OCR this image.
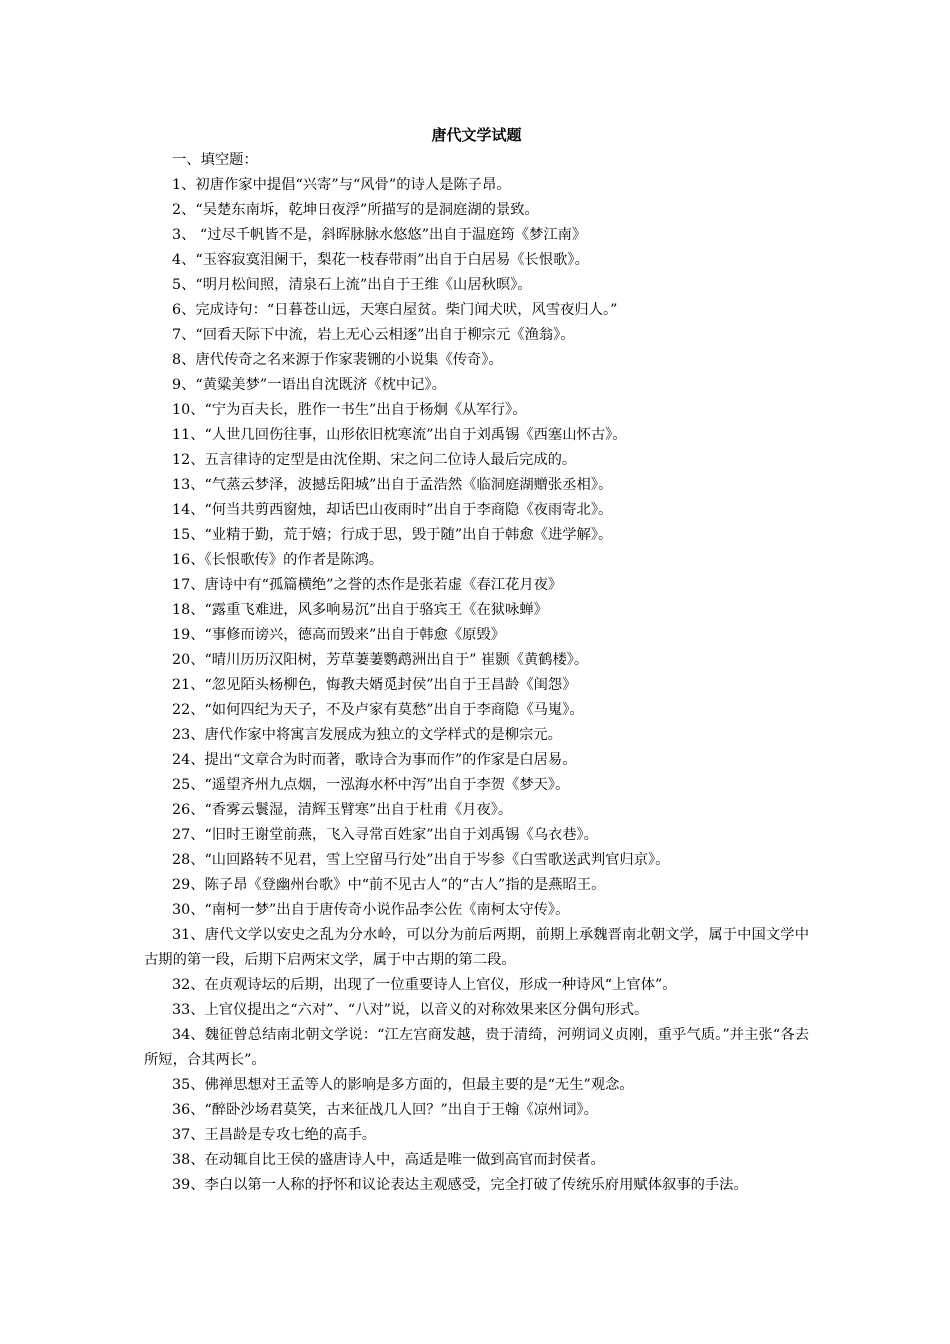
唐代文学试题
一、填空题：

1、初唐作家中提倡“兴寄”与“风骨”的诗人是陈子昂。

2、“吴楚东南坼，乾坤日夜浮”所描写的是洞庭湖的景致。

3、 “过尽千帆皆不是，斜晖脉脉水悠悠”出自于温庭筠《梦江南》

4、“玉容寂寞泪阑干，梨花一枝春带雨”出自于白居易《长恨歌》。

5、“明月松间照，清泉石上流”出自于王维《山居秋暝》。

6、完成诗句：“日暮苍山远，天寒白屋贫。柴门闻犬吠，风雪夜归人。”

7、“回看天际下中流，岩上无心云相逐”出自于柳宗元《渔翁》。

8、唐代传奇之名来源于作家裴铏的小说集《传奇》。

9、“黄粱美梦”一语出自沈既济《枕中记》。

10、“宁为百夫长，胜作一书生”出自于杨炯《从军行》。

11、“人世几回伤往事，山形依旧枕寒流”出自于刘禹锡《西塞山怀古》。

12、五言律诗的定型是由沈佺期、宋之问二位诗人最后完成的。

13、“气蒸云梦泽，波撼岳阳城”出自于孟浩然《临洞庭湖赠张丞相》。

14、“何当共剪西窗烛，却话巴山夜雨时”出自于李商隐《夜雨寄北》。

15、“业精于勤，荒于嬉；行成于思，毁于随”出自于韩愈《进学解》。

16、《长恨歌传》的作者是陈鸿。

17、唐诗中有“孤篇横绝”之誉的杰作是张若虚《春江花月夜》

18、“露重飞难进，风多响易沉”出自于骆宾王《在狱咏蝉》

19、“事修而谤兴，德高而毁来”出自于韩愈《原毁》

20、“晴川历历汉阳树，芳草萋萋鹦鹉洲出自于” 崔颢《黄鹤楼》。

21、“忽见陌头杨柳色，悔教夫婿觅封侯”出自于王昌龄《闺怨》

22、“如何四纪为天子，不及卢家有莫愁”出自于李商隐《马嵬》。

23、唐代作家中将寓言发展成为独立的文学样式的是柳宗元。

24、提出“文章合为时而著，歌诗合为事而作”的作家是白居易。

25、“遥望齐州九点烟，一泓海水杯中泻”出自于李贺《梦天》。

26、“香雾云鬟湿，清辉玉臂寒”出自于杜甫《月夜》。

27、“旧时王谢堂前燕，飞入寻常百姓家”出自于刘禹锡《乌衣巷》。

28、“山回路转不见君，雪上空留马行处”出自于岑参《白雪歌送武判官归京》。

29、陈子昂《登幽州台歌》中“前不见古人”的“古人”指的是燕昭王。

30、“南柯一梦”出自于唐传奇小说作品李公佐《南柯太守传》。

31、唐代文学以安史之乱为分水岭，可以分为前后两期，前期上承魏晋南北朝文学，属于中国文学中古期的第一段，后期下启两宋文学，属于中古期的第二段。

32、在贞观诗坛的后期，出现了一位重要诗人上官仪，形成一种诗风“上官体”。

33、上官仪提出之“六对”、“八对”说，以音义的对称效果来区分偶句形式。

34、魏征曾总结南北朝文学说：“江左宫商发越，贵于清绮，河朔词义贞刚，重乎气质。”并主张“各去所短，合其两长”。

35、佛禅思想对王孟等人的影响是多方面的，但最主要的是“无生”观念。

36、“醉卧沙场君莫笑，古来征战几人回？”出自于王翰《凉州词》。

37、王昌龄是专攻七绝的高手。

38、在动辄自比王侯的盛唐诗人中，高适是唯一做到高官而封侯者。

39、李白以第一人称的抒怀和议论表达主观感受，完全打破了传统乐府用赋体叙事的手法。
